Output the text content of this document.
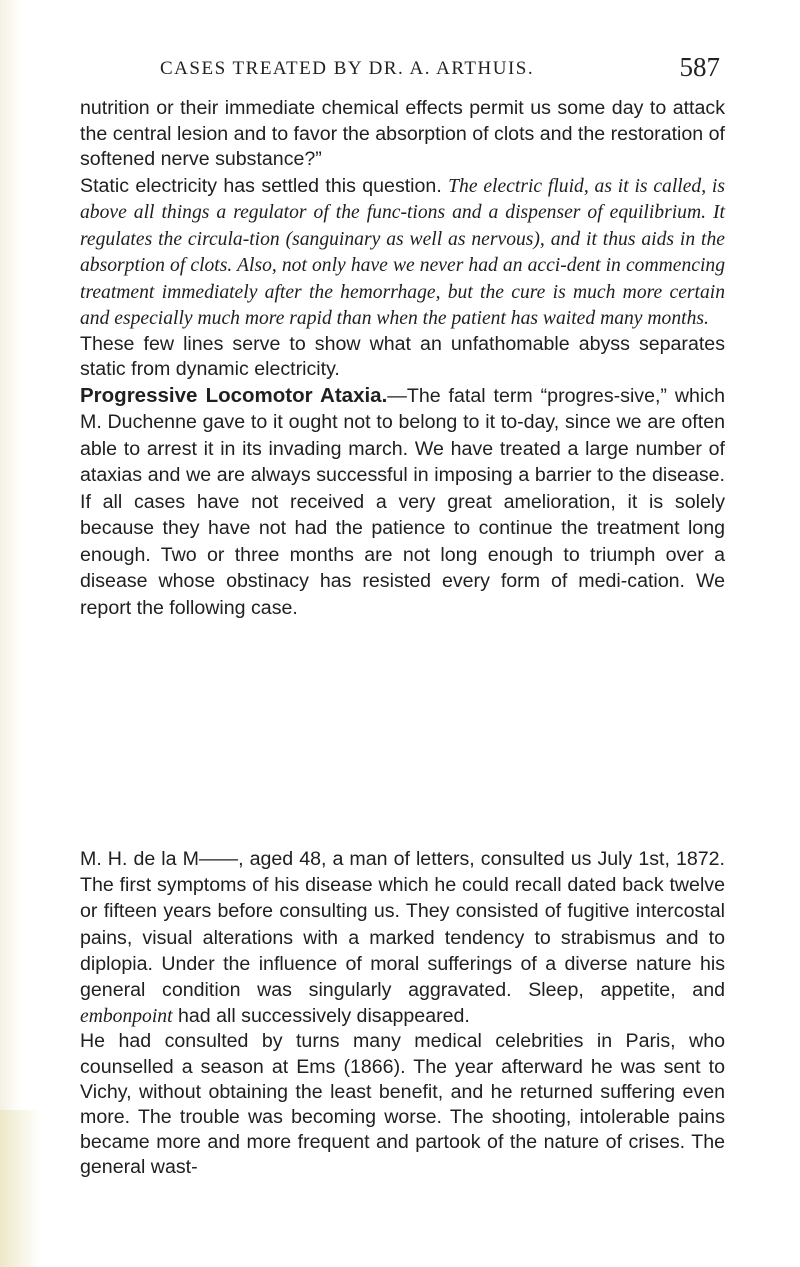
CASES TREATED BY DR. A. ARTHUIS.	587

nutrition or their immediate chemical effects permit us some day to attack the central lesion and to favor the absorption of clots and the restoration of softened nerve substance?”

Static electricity has settled this question. The electric fluid, as it is called, is above all things a regulator of the func-tions and a dispenser of equilibrium. It regulates the circula-tion (sanguinary as well as nervous), and it thus aids in the absorption of clots. Also, not only have we never had an acci-dent in commencing treatment immediately after the hemorrhage, but the cure is much more certain and especially much more rapid than when the patient has waited many months.

These few lines serve to show what an unfathomable abyss separates static from dynamic electricity.

Progressive Locomotor Ataxia.—The fatal term “progres-sive,” which M. Duchenne gave to it ought not to belong to it to-day, since we are often able to arrest it in its invading march. We have treated a large number of ataxias and we are always successful in imposing a barrier to the disease. If all cases have not received a very great amelioration, it is solely because they have not had the patience to continue the treatment long enough. Two or three months are not long enough to triumph over a disease whose obstinacy has resisted every form of medi-cation. We report the following case.

M. H. de la M——, aged 48, a man of letters, consulted us July 1st, 1872. The first symptoms of his disease which he could recall dated back twelve or fifteen years before consulting us. They consisted of fugitive intercostal pains, visual alterations with a marked tendency to strabismus and to diplopia. Under the influence of moral sufferings of a diverse nature his general condition was singularly aggravated. Sleep, appetite, and embonpoint had all successively disappeared.

He had consulted by turns many medical celebrities in Paris, who counselled a season at Ems (1866). The year afterward he was sent to Vichy, without obtaining the least benefit, and he returned suffering even more. The trouble was becoming worse. The shooting, intolerable pains became more and more frequent and partook of the nature of crises. The general wast-
